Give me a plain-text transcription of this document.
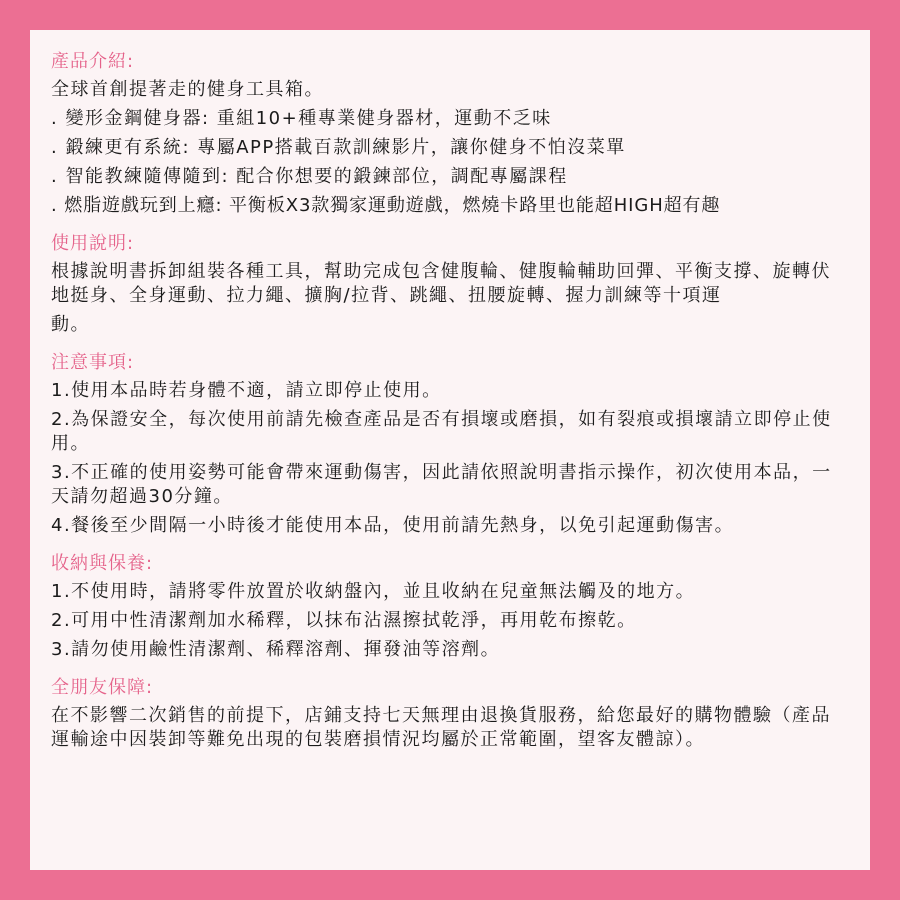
產品介紹:
全球首創提著走的健身工具箱。
. 變形金鋼健身器: 重組10+種專業健身器材，運動不乏味
. 鍛練更有系統: 專屬APP搭載百款訓練影片，讓你健身不怕沒菜單
. 智能教練隨傳隨到: 配合你想要的鍛鍊部位，調配專屬課程
. 燃脂遊戲玩到上癮: 平衡板X3款獨家運動遊戲，燃燒卡路里也能超HIGH超有趣
使用說明:
根據說明書拆卸組裝各種工具，幫助完成包含健腹輪、健腹輪輔助回彈、平衡支撐、旋轉伏地挺身、全身運動、拉力繩、擴胸/拉背、跳繩、扭腰旋轉、握力訓練等十項運
動。
注意事項:
1.使用本品時若身體不適，請立即停止使用。
2.為保證安全，每次使用前請先檢查產品是否有損壞或磨損，如有裂痕或損壞請立即停止使用。
3.不正確的使用姿勢可能會帶來運動傷害，因此請依照說明書指示操作，初次使用本品，一天請勿超過30分鐘。
4.餐後至少間隔一小時後才能使用本品，使用前請先熱身，以免引起運動傷害。
收納與保養:
1.不使用時，請將零件放置於收納盤內，並且收納在兒童無法觸及的地方。
2.可用中性清潔劑加水稀釋，以抹布沾濕擦拭乾淨，再用乾布擦乾。
3.請勿使用鹼性清潔劑、稀釋溶劑、揮發油等溶劑。
全朋友保障:
在不影響二次銷售的前提下，店鋪支持七天無理由退換貨服務，給您最好的購物體驗（產品運輸途中因裝卸等難免出現的包裝磨損情況均屬於正常範圍，望客友體諒）。
